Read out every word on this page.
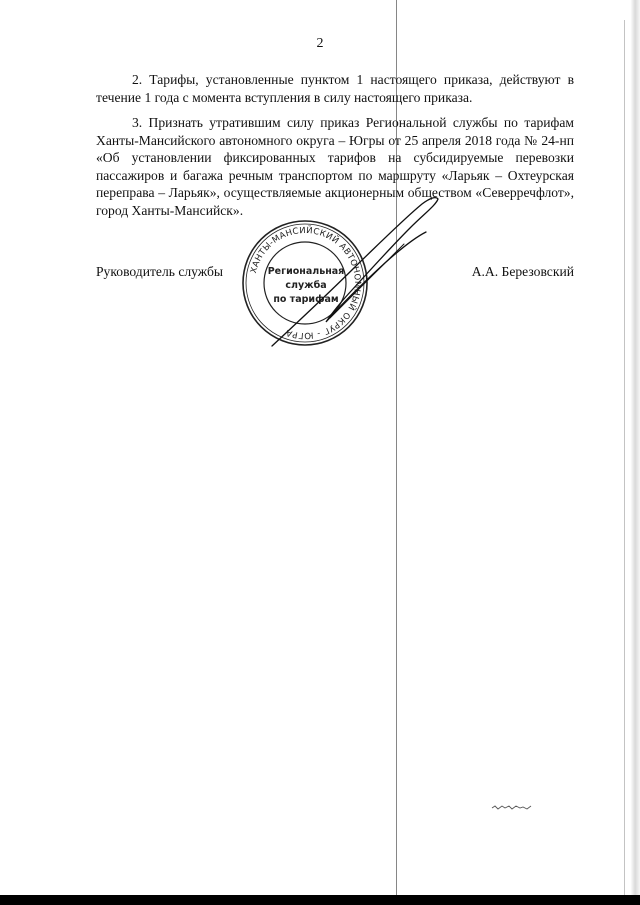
2

2. Тарифы, установленные пунктом 1 настоящего приказа, действуют в течение 1 года с момента вступления в силу настоящего приказа.

3. Признать утратившим силу приказ Региональной службы по тарифам Ханты-Мансийского автономного округа – Югры от 25 апреля 2018 года № 24-нп «Об установлении фиксированных тарифов на субсидируемые перевозки пассажиров и багажа речным транспортом по маршруту «Ларьяк – Охтеурская переправа – Ларьяк», осуществляемые акционерным обществом «Северречфлот», город Ханты-Мансийск».

Руководитель службы	А.А. Березовский
ХАНТЫ-МАНСИЙСКИЙ АВТОНОМНЫЙ ОКРУГ - ЮГРА
Региональная
служба
по тарифам
